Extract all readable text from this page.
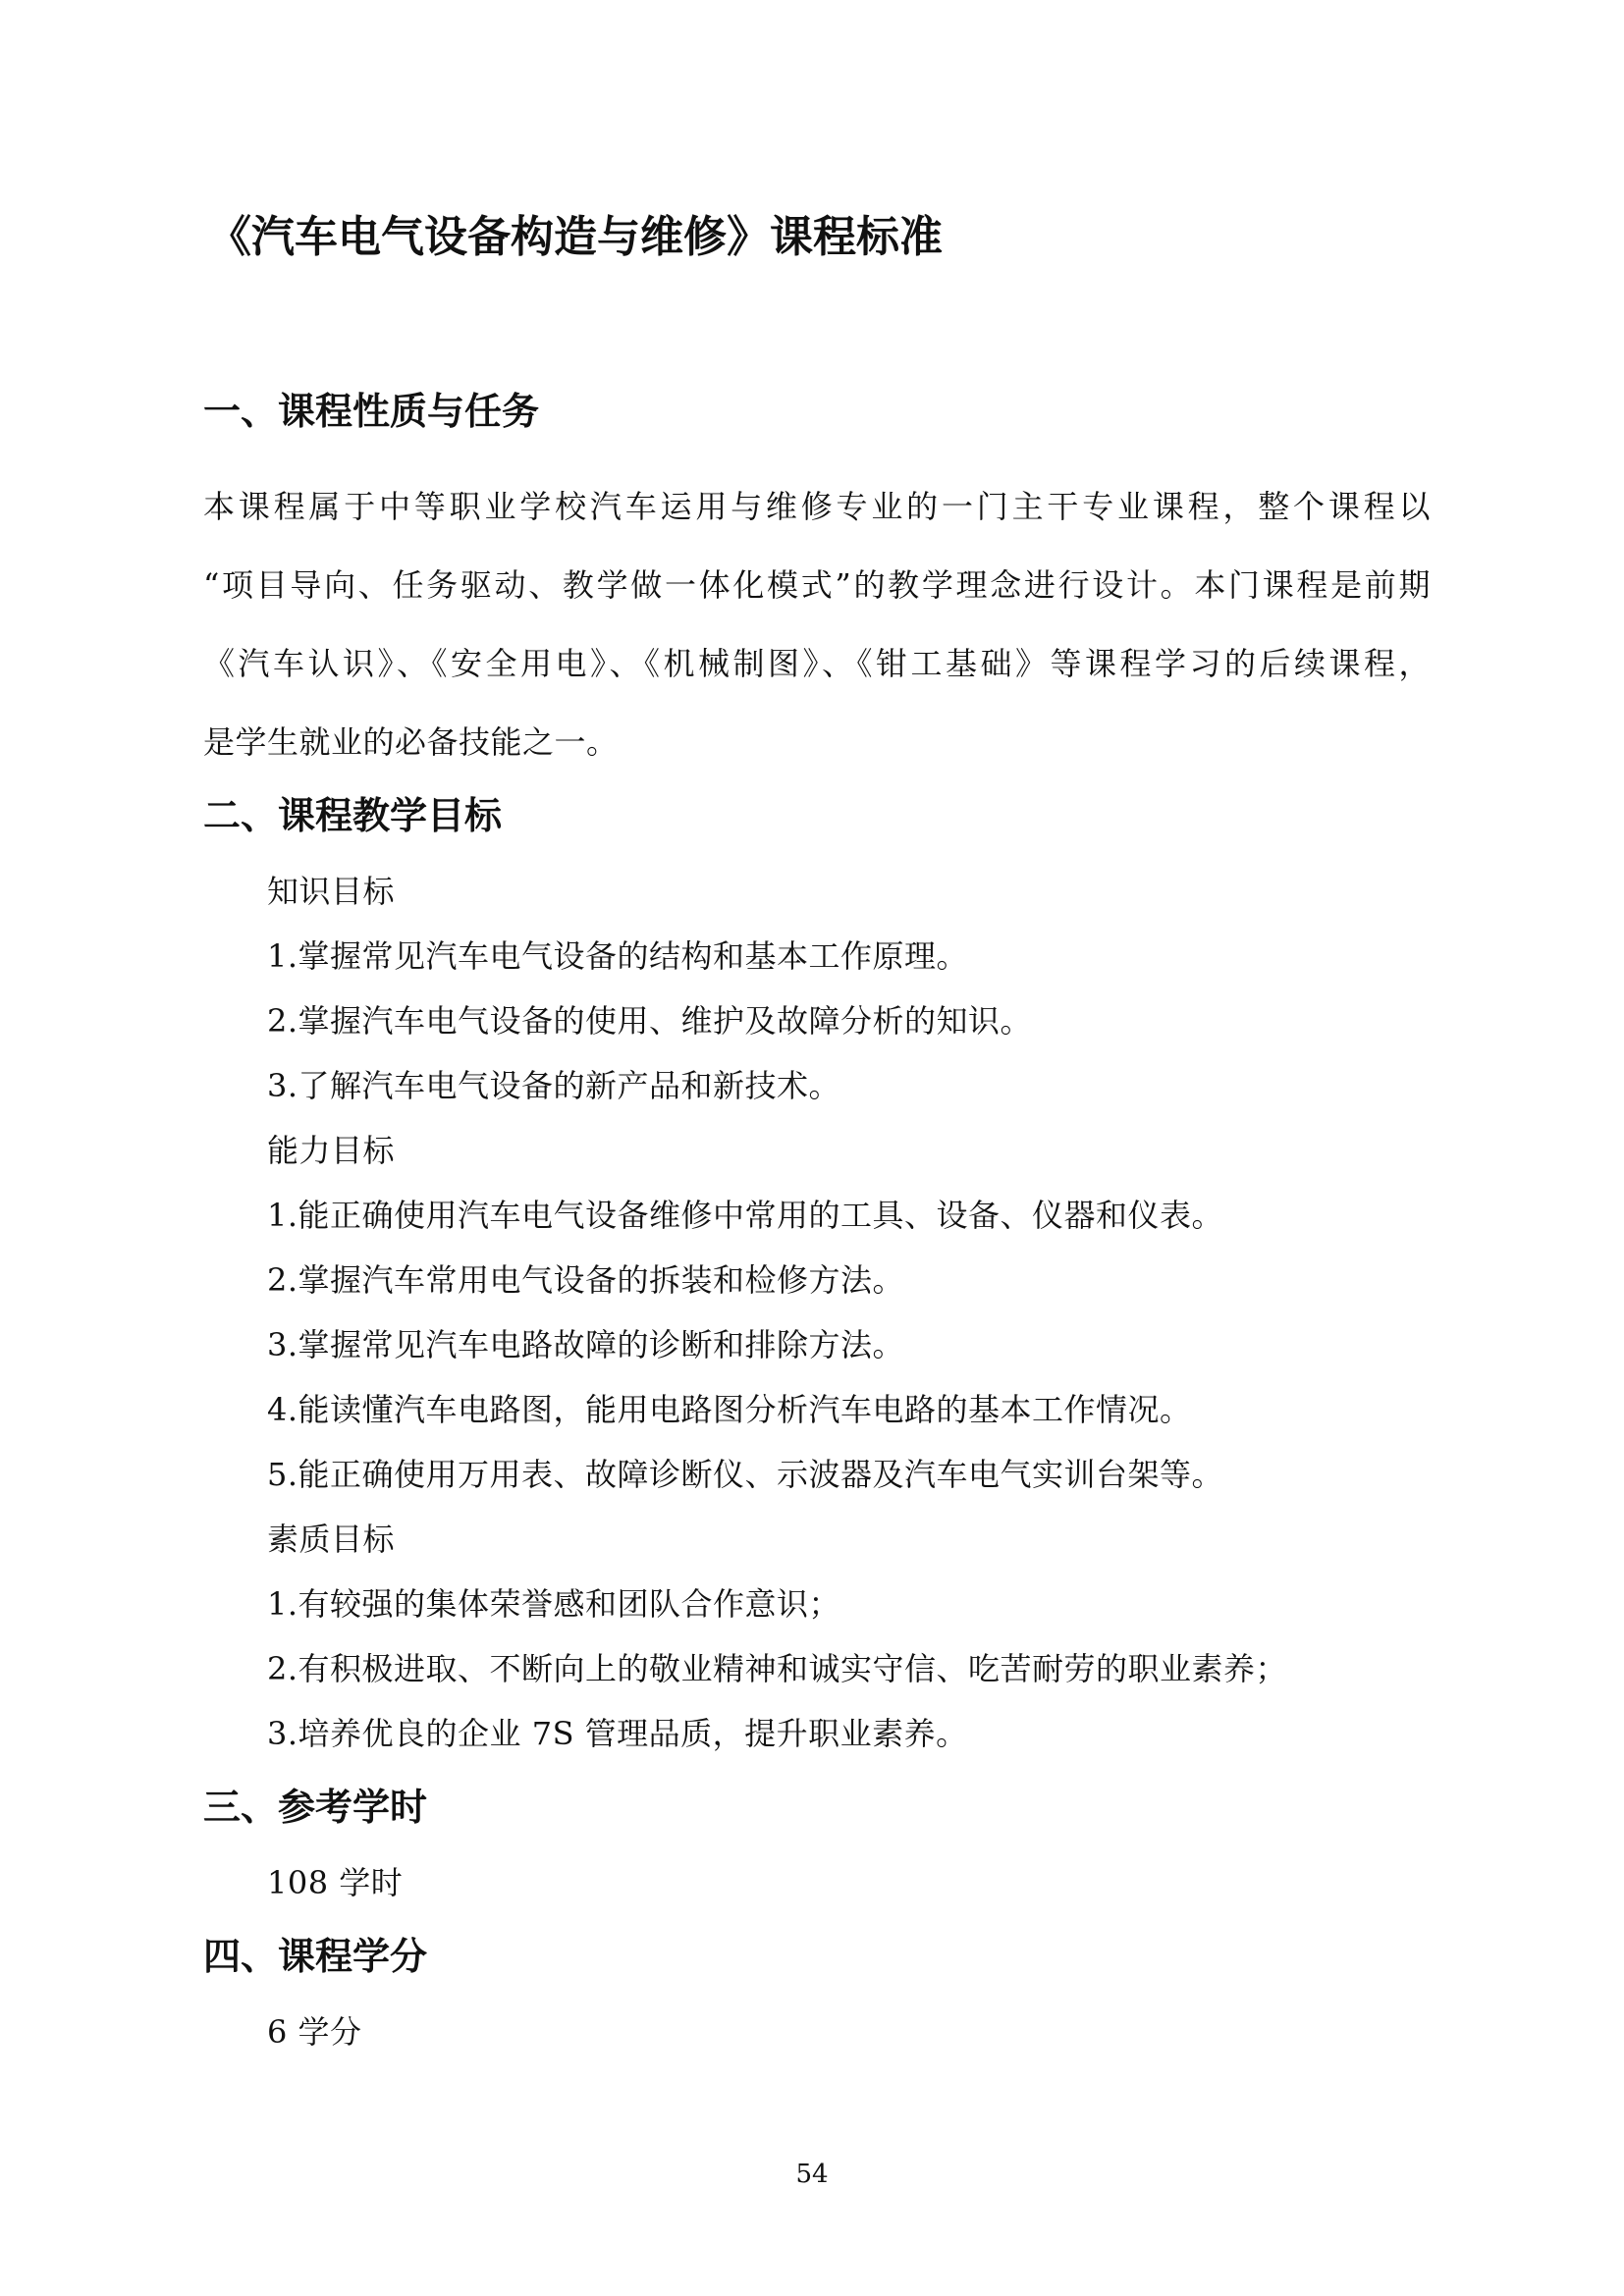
《汽车电气设备构造与维修》课程标准
一、课程性质与任务
本课程属于中等职业学校汽车运用与维修专业的一门主干专业课程，整个课程以
“项目导向、任务驱动、教学做一体化模式”的教学理念进行设计。本门课程是前期
《汽车认识》、《安全用电》、《机械制图》、《钳工基础》等课程学习的后续课程，
是学生就业的必备技能之一。
二、课程教学目标
知识目标
1.掌握常见汽车电气设备的结构和基本工作原理。
2.掌握汽车电气设备的使用、维护及故障分析的知识。
3.了解汽车电气设备的新产品和新技术。
能力目标
1.能正确使用汽车电气设备维修中常用的工具、设备、仪器和仪表。
2.掌握汽车常用电气设备的拆装和检修方法。
3.掌握常见汽车电路故障的诊断和排除方法。
4.能读懂汽车电路图，能用电路图分析汽车电路的基本工作情况。
5.能正确使用万用表、故障诊断仪、示波器及汽车电气实训台架等。
素质目标
1.有较强的集体荣誉感和团队合作意识；
2.有积极进取、不断向上的敬业精神和诚实守信、吃苦耐劳的职业素养；
3.培养优良的企业 7S 管理品质，提升职业素养。
三、参考学时
108 学时
四、课程学分
6 学分
54
